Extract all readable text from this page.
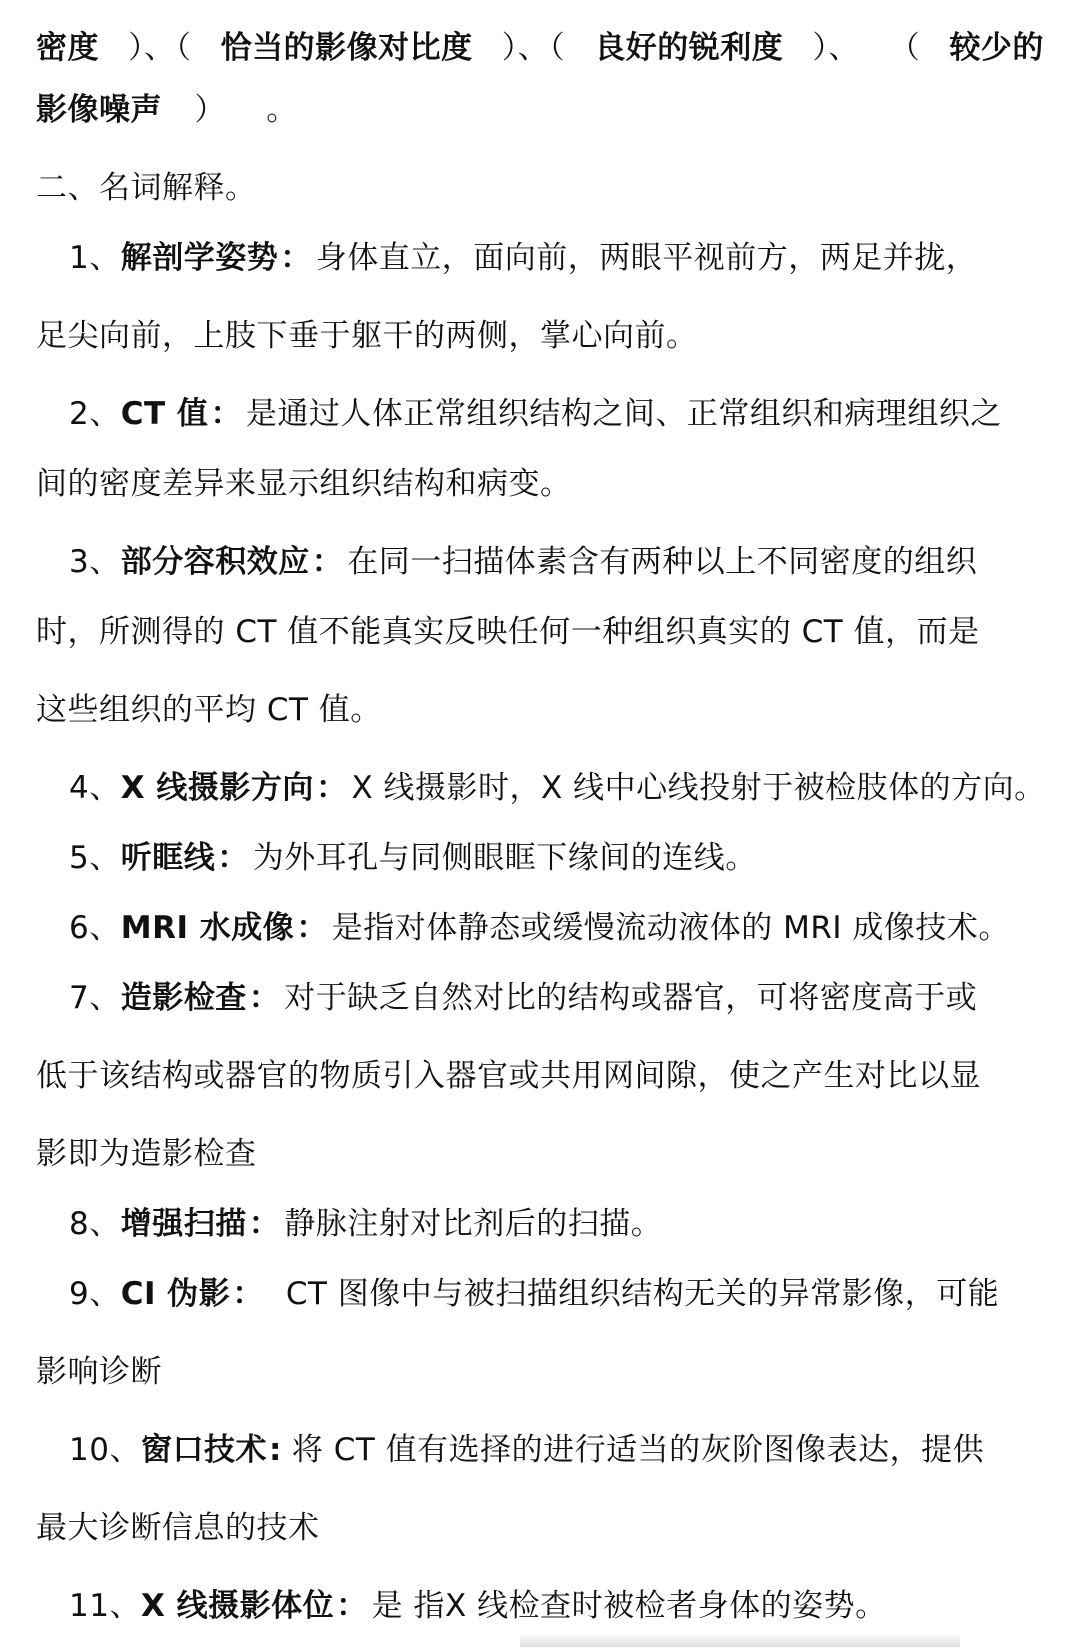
密度 ）、（ 恰当的影像对比度 ）、（ 良好的锐利度 ）、 （ 较少的
影像噪声 ） 。
二、名词解释。
1、 解剖学姿势 ： 身体直立，面向前，两眼平视前方，两足并拢，
足尖向前，上肢下垂于躯干的两侧，掌心向前。
2、 CT 值 ： 是通过人体正常组织结构之间、正常组织和病理组织之
间的密度差异来显示组织结构和病变。
3、 部分容积效应 ： 在同一扫描体素含有两种以上不同密度的组织
时，所测得的 CT 值不能真实反映任何一种组织真实的 CT 值，而是
这些组织的平均 CT 值。
4、 X 线摄影方向 ： X 线摄影时，X 线中心线投射于被检肢体的方向。
5、 听眶线 ： 为外耳孔与同侧眼眶下缘间的连线。
6、 MRI 水成像 ： 是指对体静态或缓慢流动液体的 MRI 成像技术。
7、 造影检查 ： 对于缺乏自然对比的结构或器官，可将密度高于或
低于该结构或器官的物质引入器官或共用网间隙，使之产生对比以显
影即为造影检查
8、 增强扫描 ： 静脉注射对比剂后的扫描。
9、 CI 伪影 ： CT 图像中与被扫描组织结构无关的异常影像，可能
影响诊断
10、 窗口技术 : 将 CT 值有选择的进行适当的灰阶图像表达，提供
最大诊断信息的技术
11、 X 线摄影体位 ： 是 指X 线检查时被检者身体的姿势。
